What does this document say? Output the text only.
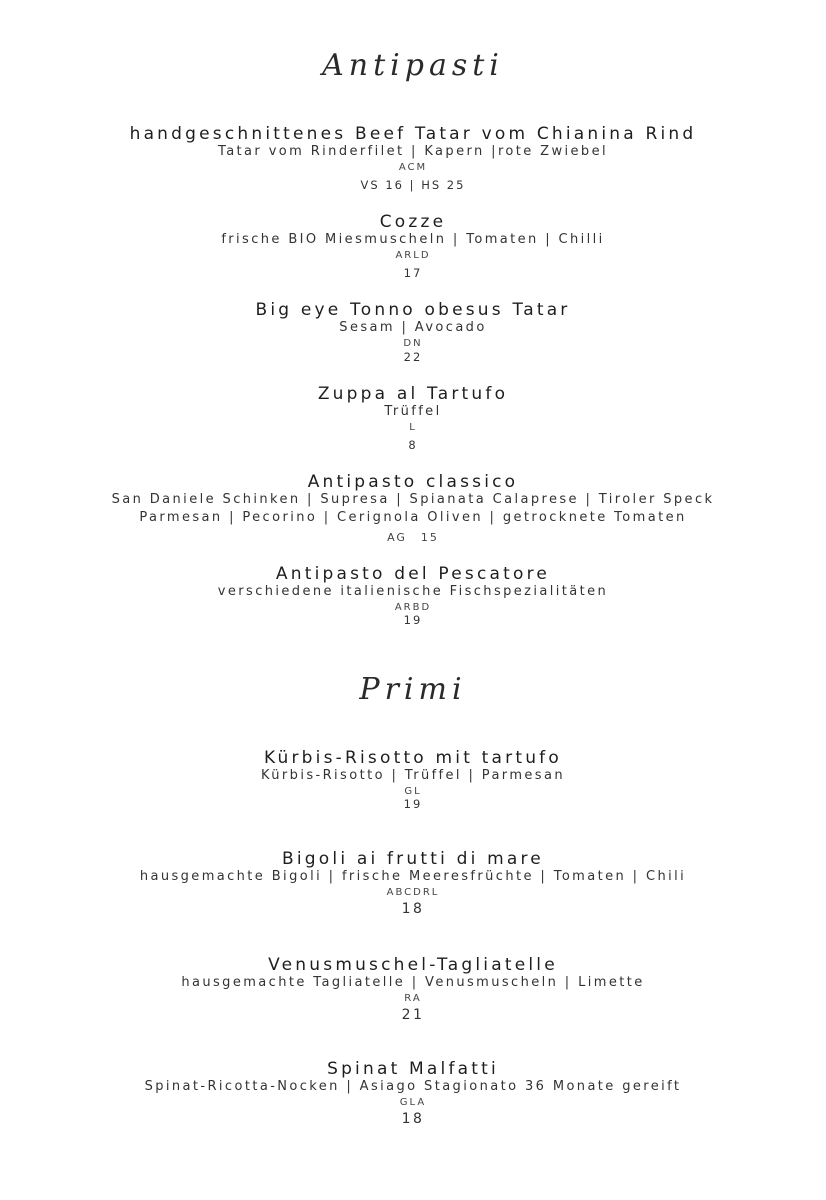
Antipasti
handgeschnittenes Beef Tatar vom Chianina Rind
Tatar vom Rinderfilet | Kapern |rote Zwiebel
ACM
VS 16 | HS 25
Cozze
frische BIO Miesmuscheln | Tomaten | Chilli
ARLD
17
Big eye Tonno obesus Tatar
Sesam | Avocado
DN
22
Zuppa al Tartufo
Trüffel
L
8
Antipasto classico
San Daniele Schinken | Supresa | Spianata Calaprese | Tiroler Speck
Parmesan | Pecorino | Cerignola Oliven | getrocknete Tomaten
AG 15
Antipasto del Pescatore
verschiedene italienische Fischspezialitäten
ARBD
19
Primi
Kürbis-Risotto mit tartufo
Kürbis-Risotto | Trüffel | Parmesan
GL
19
Bigoli ai frutti di mare
hausgemachte Bigoli | frische Meeresfrüchte | Tomaten | Chili
ABCDRL
18
Venusmuschel-Tagliatelle
hausgemachte Tagliatelle | Venusmuscheln | Limette
RA
21
Spinat Malfatti
Spinat-Ricotta-Nocken | Asiago Stagionato 36 Monate gereift
GLA
18
